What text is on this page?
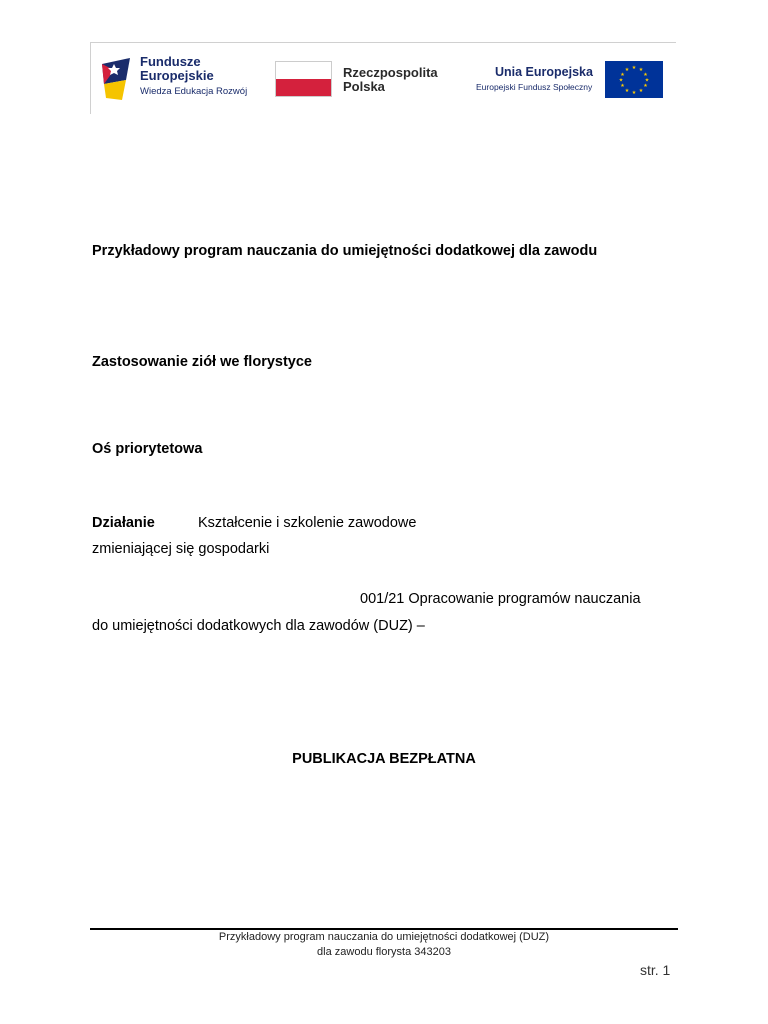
Fundusze
Europejskie
Wiedza Edukacja Rozwój
Rzeczpospolita
Polska
Unia Europejska
Europejski Fundusz Społeczny
★ ★
★
★
★
★
★
★
★
★
★
★
Przykładowy program nauczania do umiejętności dodatkowej dla zawodu
Zastosowanie ziół we florystyce
Oś priorytetowa
Działanie	Kształcenie i szkolenie zawodowe
zmieniającej się gospodarki
001/21 Opracowanie programów nauczania
do umiejętności dodatkowych dla zawodów (DUZ) –
PUBLIKACJA BEZPŁATNA
Przykładowy program nauczania do umiejętności dodatkowej (DUZ)
dla zawodu florysta 343203
str. 1
